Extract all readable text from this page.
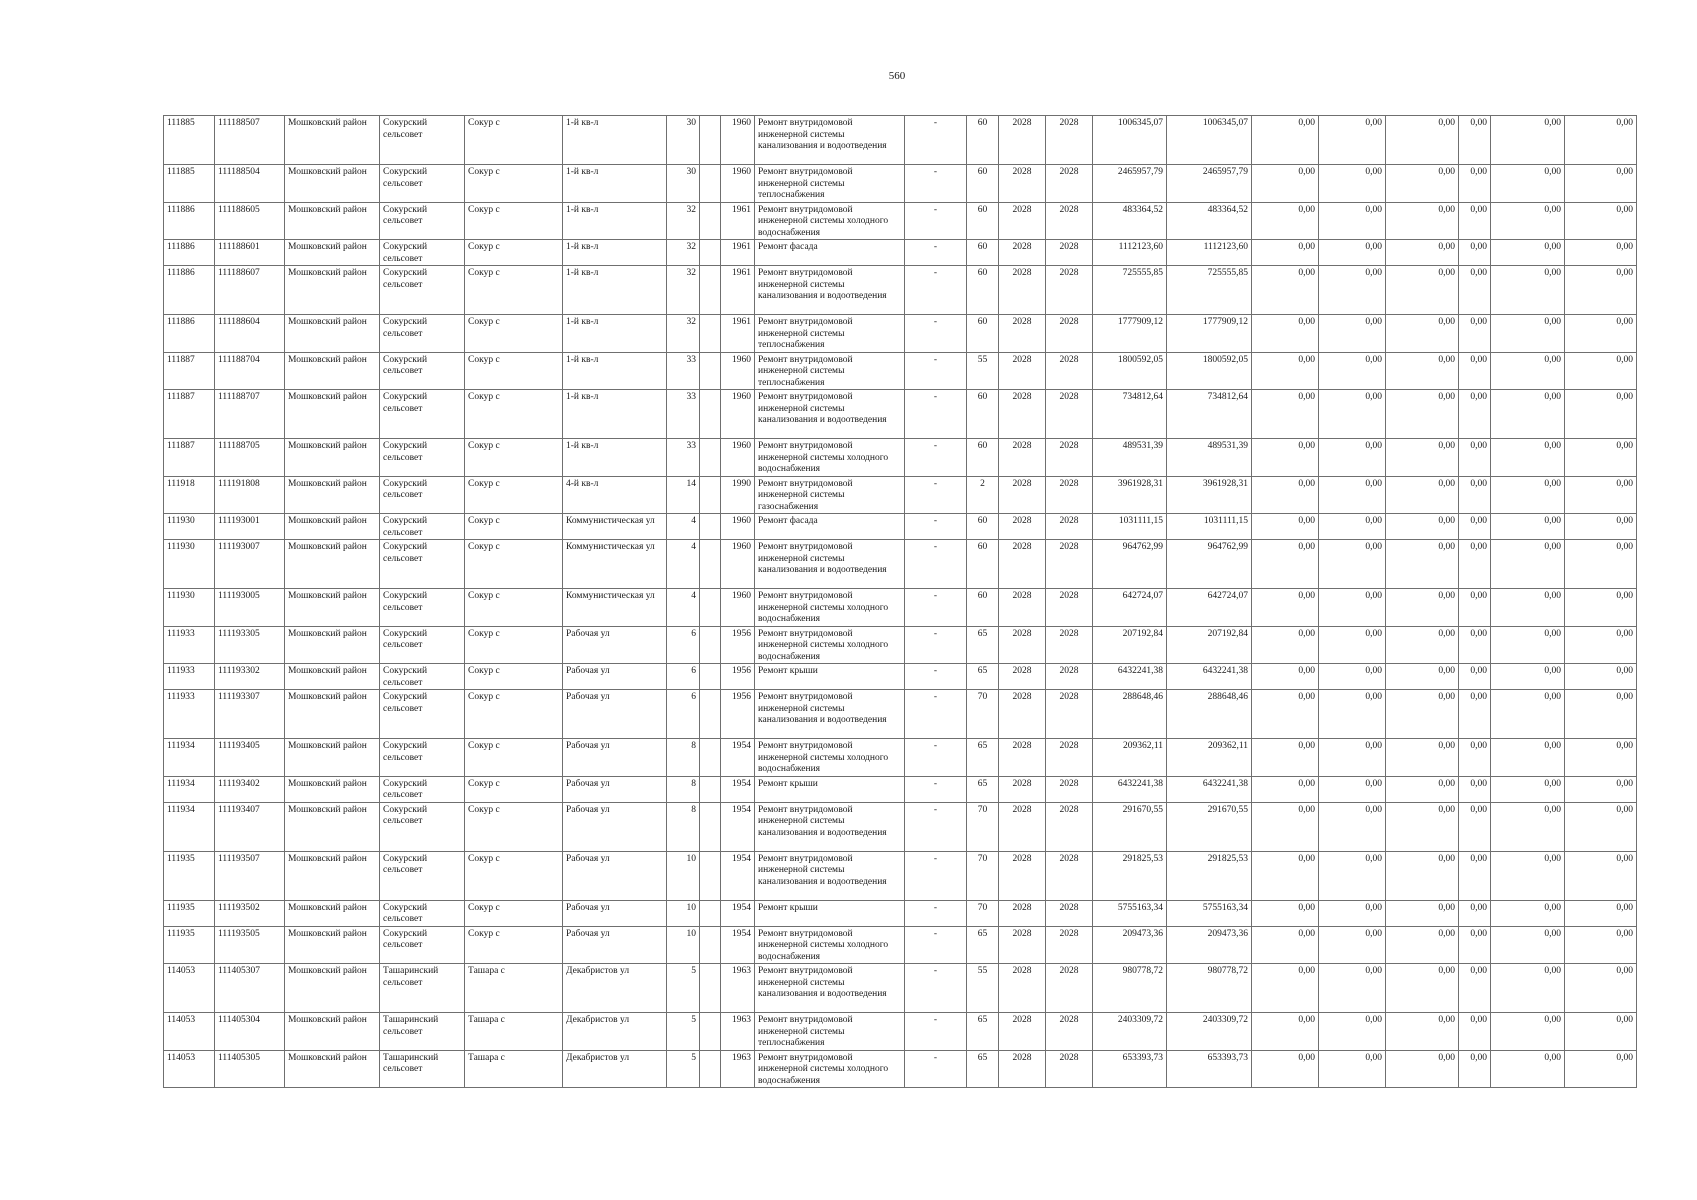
560
111885	111188507	Мошковский район	Сокурский сельсовет	Сокур с	1-й кв-л	30		1960	Ремонт внутридомовой инженерной системы канализования и водоотведения	-	60	2028	2028	1006345,07	1006345,07	0,00	0,00	0,00	0,00	0,00	0,00
111885	111188504	Мошковский район	Сокурский сельсовет	Сокур с	1-й кв-л	30		1960	Ремонт внутридомовой инженерной системы теплоснабжения	-	60	2028	2028	2465957,79	2465957,79	0,00	0,00	0,00	0,00	0,00	0,00
111886	111188605	Мошковский район	Сокурский сельсовет	Сокур с	1-й кв-л	32		1961	Ремонт внутридомовой инженерной системы холодного водоснабжения	-	60	2028	2028	483364,52	483364,52	0,00	0,00	0,00	0,00	0,00	0,00
111886	111188601	Мошковский район	Сокурский сельсовет	Сокур с	1-й кв-л	32		1961	Ремонт фасада	-	60	2028	2028	1112123,60	1112123,60	0,00	0,00	0,00	0,00	0,00	0,00
111886	111188607	Мошковский район	Сокурский сельсовет	Сокур с	1-й кв-л	32		1961	Ремонт внутридомовой инженерной системы канализования и водоотведения	-	60	2028	2028	725555,85	725555,85	0,00	0,00	0,00	0,00	0,00	0,00
111886	111188604	Мошковский район	Сокурский сельсовет	Сокур с	1-й кв-л	32		1961	Ремонт внутридомовой инженерной системы теплоснабжения	-	60	2028	2028	1777909,12	1777909,12	0,00	0,00	0,00	0,00	0,00	0,00
111887	111188704	Мошковский район	Сокурский сельсовет	Сокур с	1-й кв-л	33		1960	Ремонт внутридомовой инженерной системы теплоснабжения	-	55	2028	2028	1800592,05	1800592,05	0,00	0,00	0,00	0,00	0,00	0,00
111887	111188707	Мошковский район	Сокурский сельсовет	Сокур с	1-й кв-л	33		1960	Ремонт внутридомовой инженерной системы канализования и водоотведения	-	60	2028	2028	734812,64	734812,64	0,00	0,00	0,00	0,00	0,00	0,00
111887	111188705	Мошковский район	Сокурский сельсовет	Сокур с	1-й кв-л	33		1960	Ремонт внутридомовой инженерной системы холодного водоснабжения	-	60	2028	2028	489531,39	489531,39	0,00	0,00	0,00	0,00	0,00	0,00
111918	111191808	Мошковский район	Сокурский сельсовет	Сокур с	4-й кв-л	14		1990	Ремонт внутридомовой инженерной системы газоснабжения	-	2	2028	2028	3961928,31	3961928,31	0,00	0,00	0,00	0,00	0,00	0,00
111930	111193001	Мошковский район	Сокурский сельсовет	Сокур с	Коммунистическая ул	4		1960	Ремонт фасада	-	60	2028	2028	1031111,15	1031111,15	0,00	0,00	0,00	0,00	0,00	0,00
111930	111193007	Мошковский район	Сокурский сельсовет	Сокур с	Коммунистическая ул	4		1960	Ремонт внутридомовой инженерной системы канализования и водоотведения	-	60	2028	2028	964762,99	964762,99	0,00	0,00	0,00	0,00	0,00	0,00
111930	111193005	Мошковский район	Сокурский сельсовет	Сокур с	Коммунистическая ул	4		1960	Ремонт внутридомовой инженерной системы холодного водоснабжения	-	60	2028	2028	642724,07	642724,07	0,00	0,00	0,00	0,00	0,00	0,00
111933	111193305	Мошковский район	Сокурский сельсовет	Сокур с	Рабочая ул	6		1956	Ремонт внутридомовой инженерной системы холодного водоснабжения	-	65	2028	2028	207192,84	207192,84	0,00	0,00	0,00	0,00	0,00	0,00
111933	111193302	Мошковский район	Сокурский сельсовет	Сокур с	Рабочая ул	6		1956	Ремонт крыши	-	65	2028	2028	6432241,38	6432241,38	0,00	0,00	0,00	0,00	0,00	0,00
111933	111193307	Мошковский район	Сокурский сельсовет	Сокур с	Рабочая ул	6		1956	Ремонт внутридомовой инженерной системы канализования и водоотведения	-	70	2028	2028	288648,46	288648,46	0,00	0,00	0,00	0,00	0,00	0,00
111934	111193405	Мошковский район	Сокурский сельсовет	Сокур с	Рабочая ул	8		1954	Ремонт внутридомовой инженерной системы холодного водоснабжения	-	65	2028	2028	209362,11	209362,11	0,00	0,00	0,00	0,00	0,00	0,00
111934	111193402	Мошковский район	Сокурский сельсовет	Сокур с	Рабочая ул	8		1954	Ремонт крыши	-	65	2028	2028	6432241,38	6432241,38	0,00	0,00	0,00	0,00	0,00	0,00
111934	111193407	Мошковский район	Сокурский сельсовет	Сокур с	Рабочая ул	8		1954	Ремонт внутридомовой инженерной системы канализования и водоотведения	-	70	2028	2028	291670,55	291670,55	0,00	0,00	0,00	0,00	0,00	0,00
111935	111193507	Мошковский район	Сокурский сельсовет	Сокур с	Рабочая ул	10		1954	Ремонт внутридомовой инженерной системы канализования и водоотведения	-	70	2028	2028	291825,53	291825,53	0,00	0,00	0,00	0,00	0,00	0,00
111935	111193502	Мошковский район	Сокурский сельсовет	Сокур с	Рабочая ул	10		1954	Ремонт крыши	-	70	2028	2028	5755163,34	5755163,34	0,00	0,00	0,00	0,00	0,00	0,00
111935	111193505	Мошковский район	Сокурский сельсовет	Сокур с	Рабочая ул	10		1954	Ремонт внутридомовой инженерной системы холодного водоснабжения	-	65	2028	2028	209473,36	209473,36	0,00	0,00	0,00	0,00	0,00	0,00
114053	111405307	Мошковский район	Ташаринский сельсовет	Ташара с	Декабристов ул	5		1963	Ремонт внутридомовой инженерной системы канализования и водоотведения	-	55	2028	2028	980778,72	980778,72	0,00	0,00	0,00	0,00	0,00	0,00
114053	111405304	Мошковский район	Ташаринский сельсовет	Ташара с	Декабристов ул	5		1963	Ремонт внутридомовой инженерной системы теплоснабжения	-	65	2028	2028	2403309,72	2403309,72	0,00	0,00	0,00	0,00	0,00	0,00
114053	111405305	Мошковский район	Ташаринский сельсовет	Ташара с	Декабристов ул	5		1963	Ремонт внутридомовой инженерной системы холодного водоснабжения	-	65	2028	2028	653393,73	653393,73	0,00	0,00	0,00	0,00	0,00	0,00
